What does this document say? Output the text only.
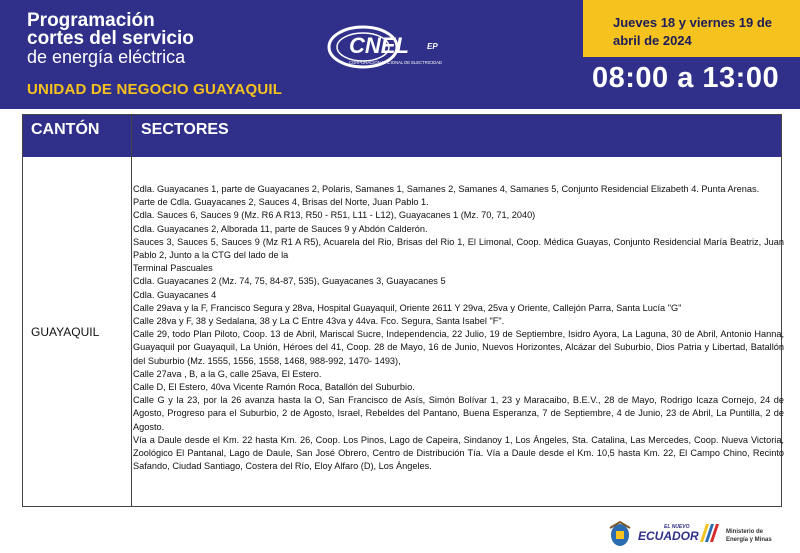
Programación
cortes del servicio
de energía eléctrica
UNIDAD DE NEGOCIO GUAYAQUIL
CNEL EP
CORPORACIÓN NACIONAL DE ELECTRICIDAD
Jueves 18 y viernes 19 de
abril de 2024
08:00 a 13:00
CANTÓN	SECTORES
GUAYAQUIL
Cdla. Guayacanes 1, parte de Guayacanes 2, Polaris, Samanes 1, Samanes 2, Samanes 4, Samanes 5, Conjunto Residencial Elizabeth 4. Punta Arenas.
Parte de Cdla. Guayacanes 2, Sauces 4, Brisas del Norte, Juan Pablo 1.
Cdla. Sauces 6, Sauces 9 (Mz. R6 A R13, R50 - R51, L11 - L12), Guayacanes 1 (Mz. 70, 71, 2040)
Cdla. Guayacanes 2, Alborada 11, parte de Sauces 9 y Abdón Calderón.
Sauces 3, Sauces 5, Sauces 9 (Mz R1 A R5), Acuarela del Rio, Brisas del Rio 1, El Limonal, Coop. Médica Guayas, Conjunto Residencial María Beatriz, Juan Pablo 2, Junto a la CTG del lado de la
Terminal Pascuales
Cdla. Guayacanes 2 (Mz. 74, 75, 84-87, 535), Guayacanes 3, Guayacanes 5
Cdla. Guayacanes 4
Calle 29ava y la F, Francisco Segura y 28va, Hospital Guayaquil, Oriente 2611 Y 29va, 25va y Oriente, Callejón Parra, Santa Lucía "G"
Calle 28va y F, 38 y Sedalana, 38 y La C Entre 43va y 44va. Fco. Segura, Santa Isabel "F".
Calle 29, todo Plan Piloto, Coop. 13 de Abril, Mariscal Sucre, Independencia, 22 Julio, 19 de Septiembre, Isidro Ayora, La Laguna, 30 de Abril, Antonio Hanna, Guayaquil por Guayaquil, La Unión, Héroes del 41, Coop. 28 de Mayo, 16 de Junio, Nuevos Horizontes, Alcázar del Suburbio, Dios Patria y Libertad, Batallón del Suburbio (Mz. 1555, 1556, 1558, 1468, 988-992, 1470- 1493),
Calle 27ava , B, a la G, calle 25ava, El Estero.
Calle D, El Estero, 40va Vicente Ramón Roca, Batallón del Suburbio.
Calle G y la 23, por la 26 avanza hasta la O, San Francisco de Asís, Simón Bolívar 1, 23 y Maracaibo, B.E.V., 28 de Mayo, Rodrigo Icaza Cornejo, 24 de Agosto, Progreso para el Suburbio, 2 de Agosto, Israel, Rebeldes del Pantano, Buena Esperanza, 7 de Septiembre, 4 de Junio, 23 de Abril, La Puntilla, 2 de Agosto.
Vía a Daule desde el Km. 22 hasta Km. 26, Coop. Los Pinos, Lago de Capeira, Sindanoy 1, Los Ángeles, Sta. Catalina, Las Mercedes, Coop. Nueva Victoria, Zoológico El Pantanal, Lago de Daule, San José Obrero, Centro de Distribución Tía. Vía a Daule desde el Km. 10,5 hasta Km. 22, El Campo Chino, Recinto Safando, Ciudad Santiago, Costera del Río, Eloy Alfaro (D), Los Ángeles.
EL NUEVO
ECUADOR	Ministerio de
Energía y Minas
